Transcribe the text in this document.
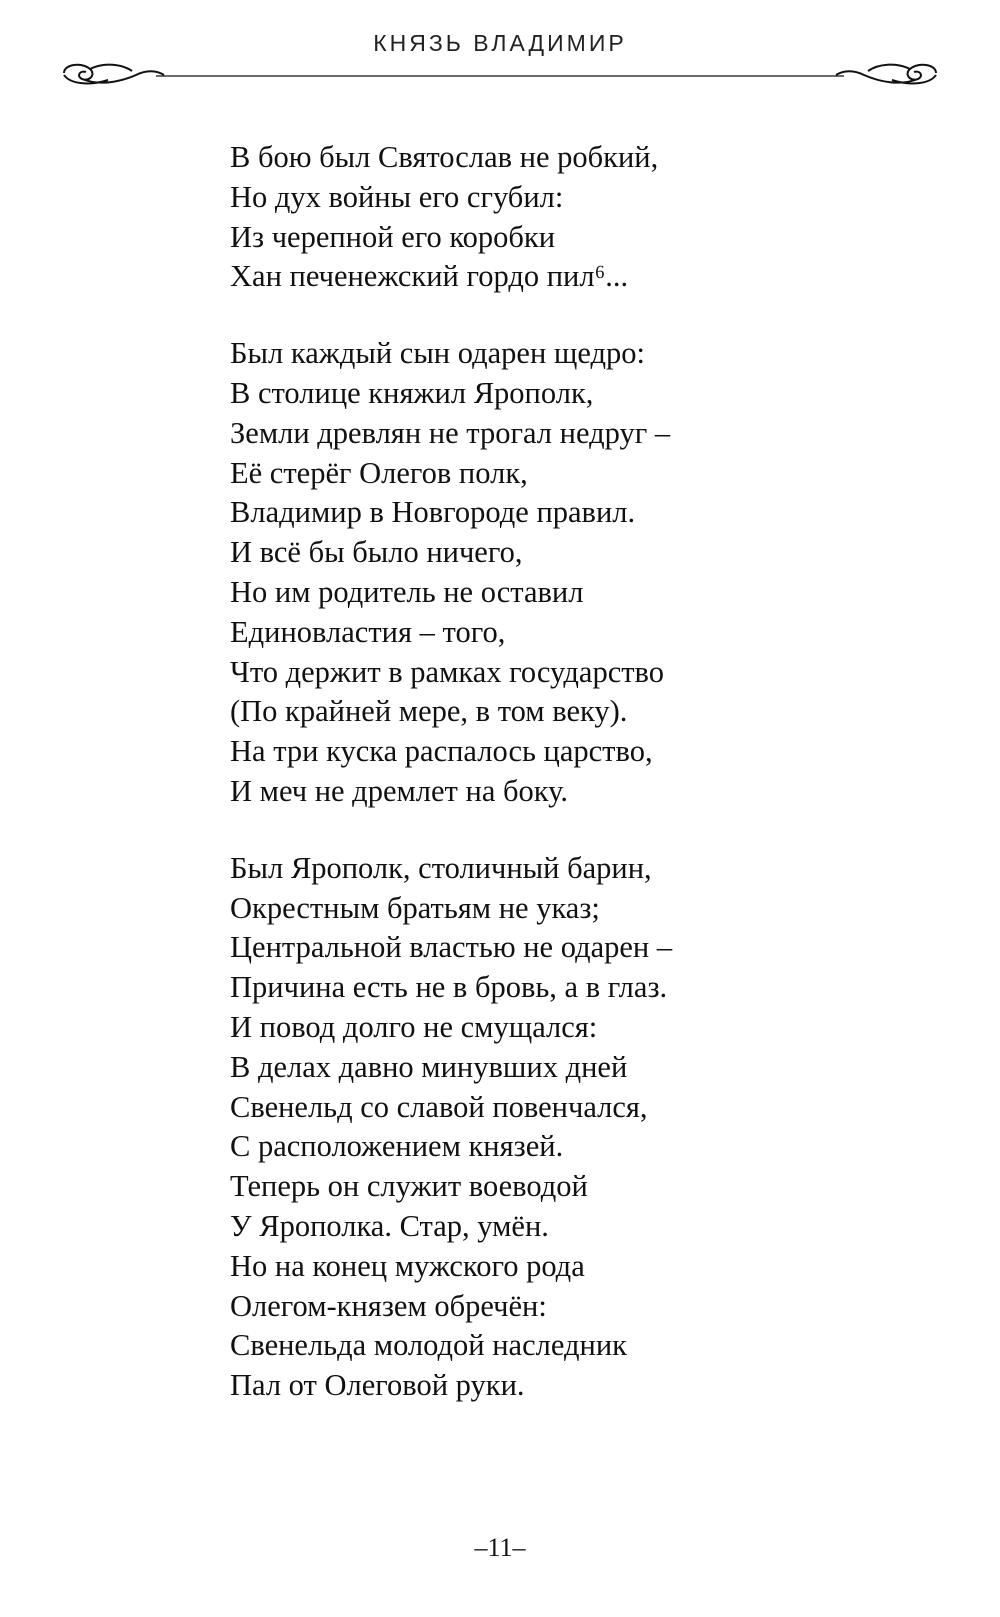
КНЯЗЬ ВЛАДИМИР
В бою был Святослав не робкий,
Но дух войны его сгубил:
Из черепной его коробки
Хан печенежский гордо пил⁶...
Был каждый сын одарен щедро:
В столице княжил Ярополк,
Земли древлян не трогал недруг –
Её стерёг Олегов полк,
Владимир в Новгороде правил.
И всё бы было ничего,
Но им родитель не оставил
Единовластия – того,
Что держит в рамках государство
(По крайней мере, в том веку).
На три куска распалось царство,
И меч не дремлет на боку.
Был Ярополк, столичный барин,
Окрестным братьям не указ;
Центральной властью не одарен –
Причина есть не в бровь, а в глаз.
И повод долго не смущался:
В делах давно минувших дней
Свенельд со славой повенчался,
С расположением князей.
Теперь он служит воеводой
У Ярополка. Стар, умён.
Но на конец мужского рода
Олегом-князем обречён:
Свенельда молодой наследник
Пал от Олеговой руки.
–11–
